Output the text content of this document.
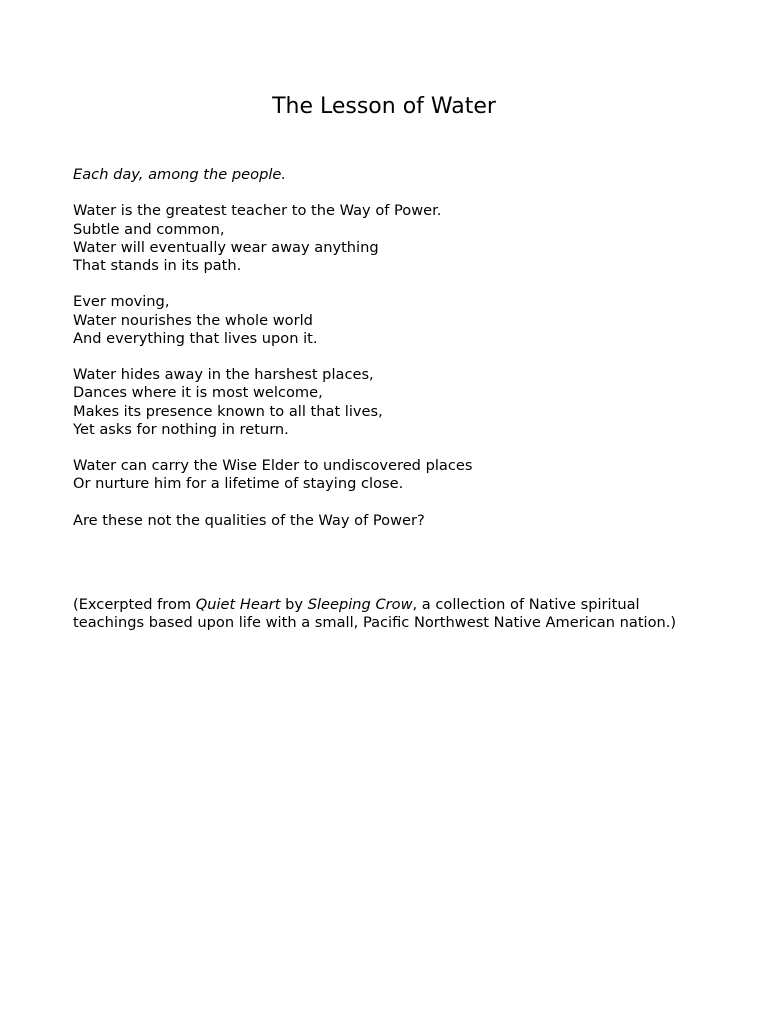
The Lesson of Water
Each day, among the people.
Water is the greatest teacher to the Way of Power.
Subtle and common,
Water will eventually wear away anything
That stands in its path.
Ever moving,
Water nourishes the whole world
And everything that lives upon it.
Water hides away in the harshest places,
Dances where it is most welcome,
Makes its presence known to all that lives,
Yet asks for nothing in return.
Water can carry the Wise Elder to undiscovered places
Or nurture him for a lifetime of staying close.
Are these not the qualities of the Way of Power?

(Excerpted from Quiet Heart by Sleeping Crow, a collection of Native spiritual teachings based upon life with a small, Pacific Northwest Native American nation.)
